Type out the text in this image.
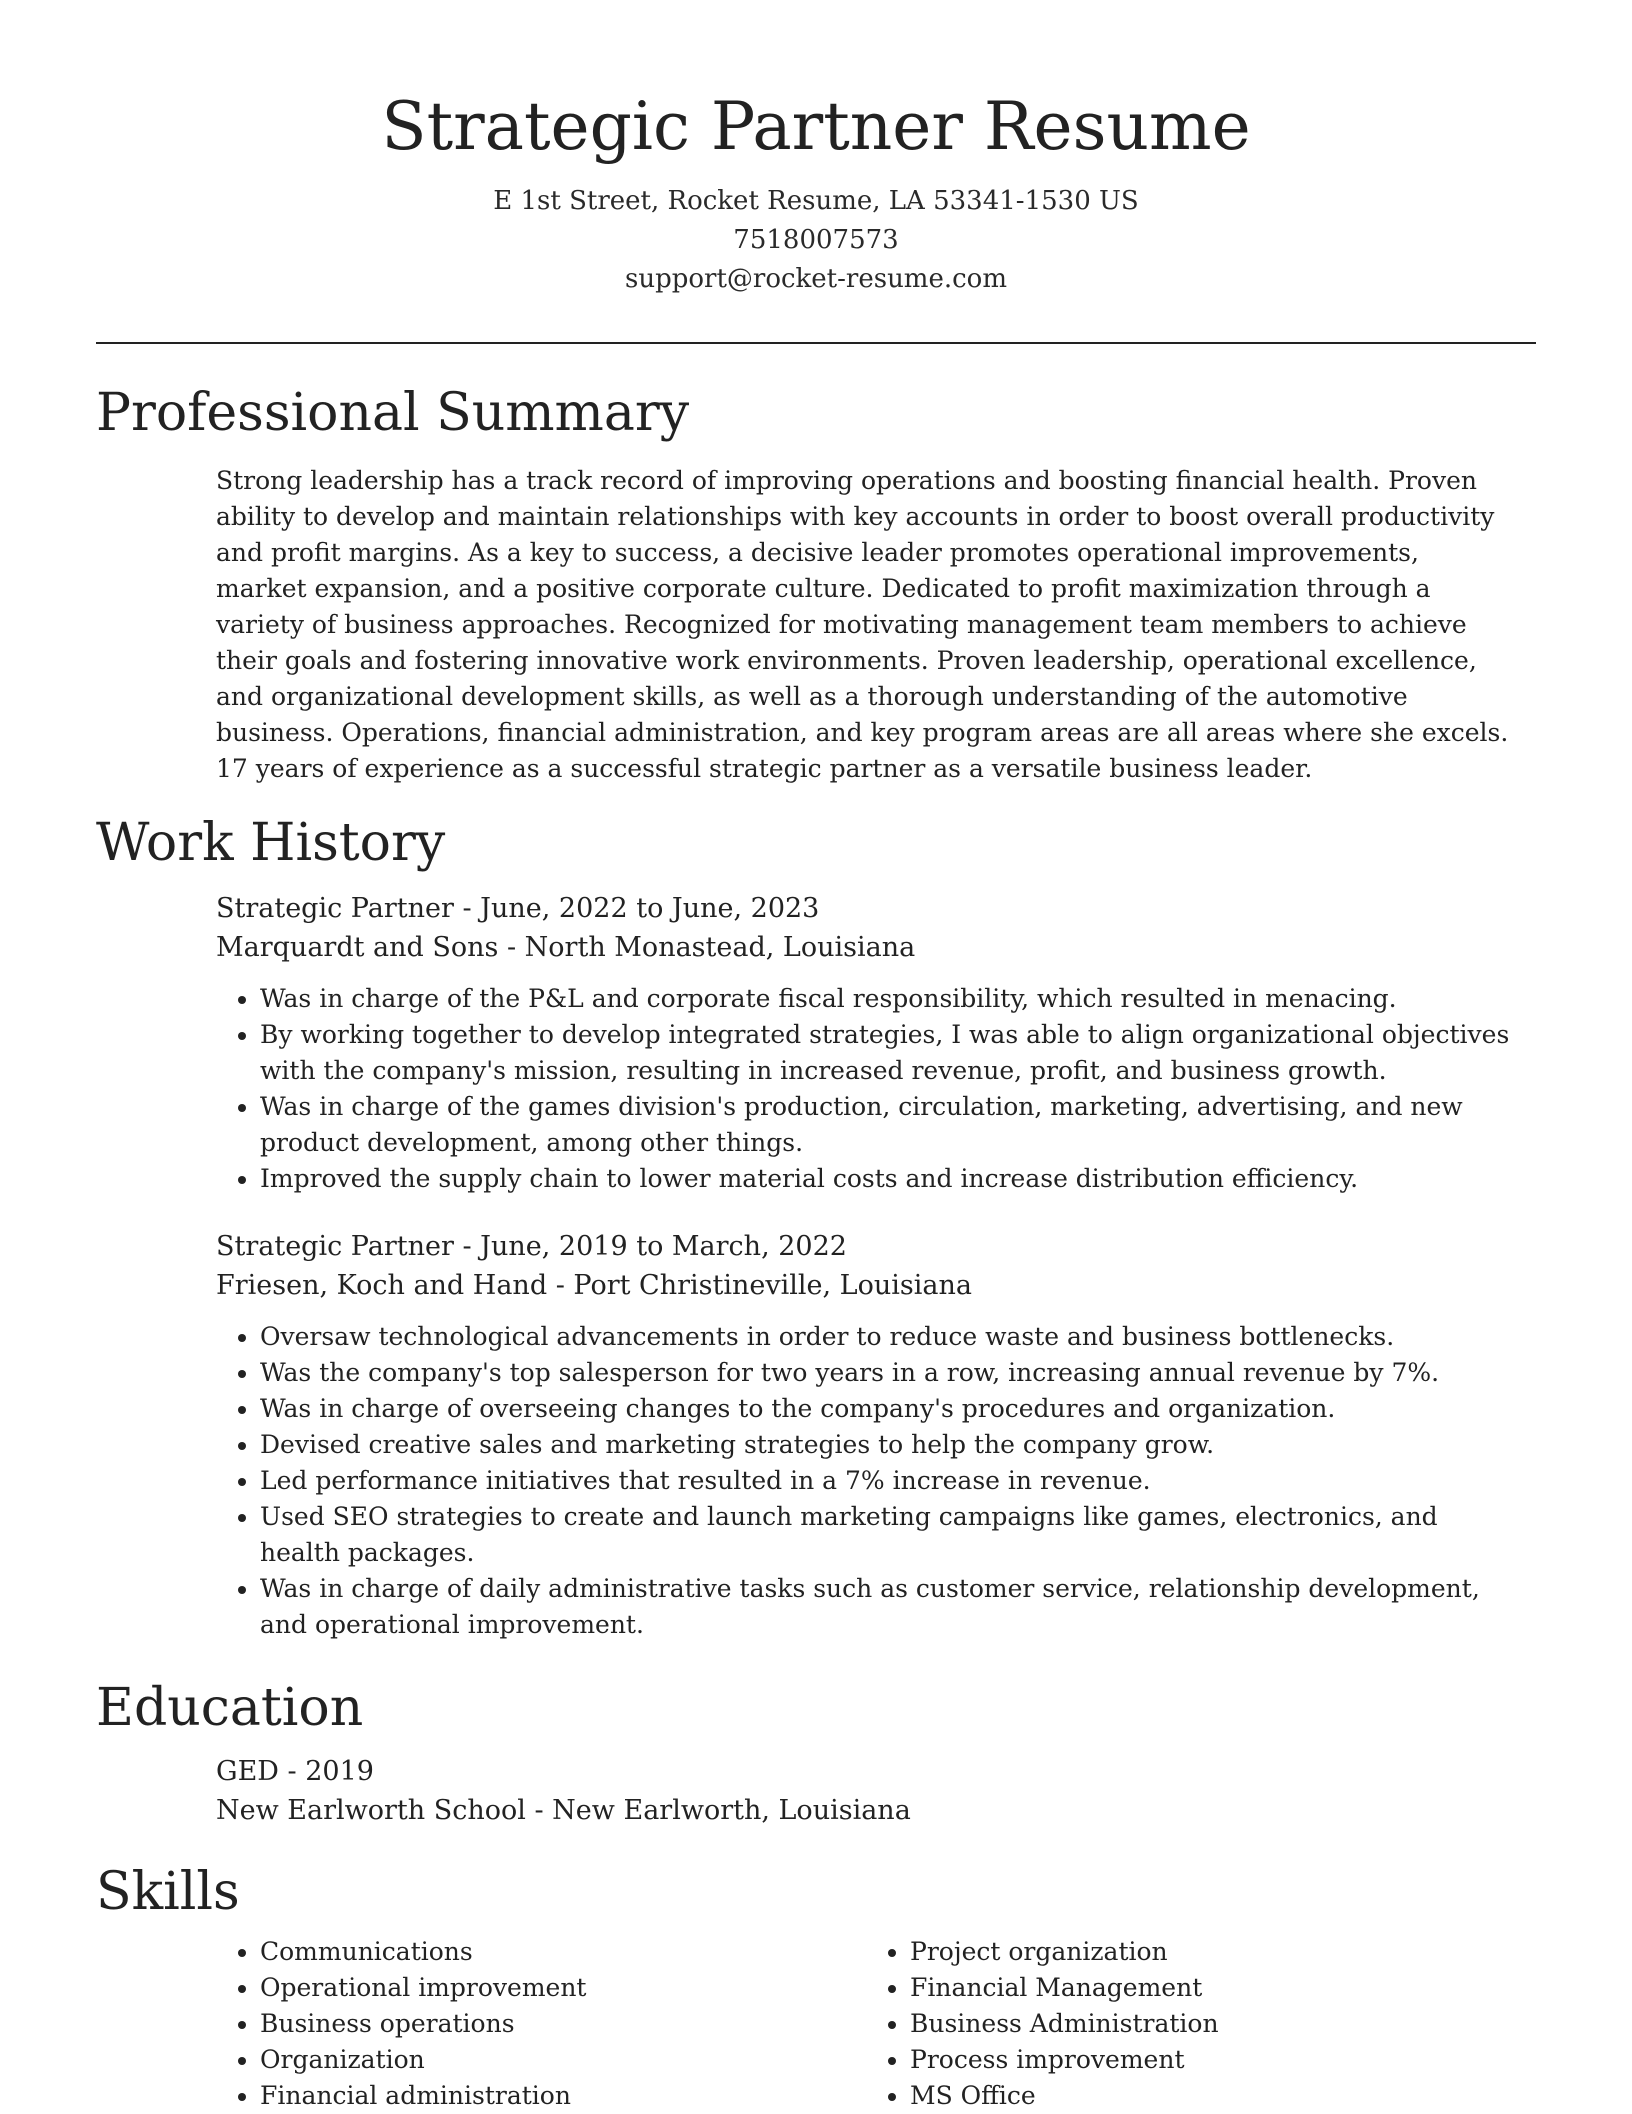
Strategic Partner Resume
E 1st Street, Rocket Resume, LA 53341-1530 US
7518007573
support@rocket-resume.com
Professional Summary
Strong leadership has a track record of improving operations and boosting financial health. Proven ability to develop and maintain relationships with key accounts in order to boost overall productivity and profit margins. As a key to success, a decisive leader promotes operational improvements, market expansion, and a positive corporate culture. Dedicated to profit maximization through a variety of business approaches. Recognized for motivating management team members to achieve their goals and fostering innovative work environments. Proven leadership, operational excellence, and organizational development skills, as well as a thorough understanding of the automotive business. Operations, financial administration, and key program areas are all areas where she excels. 17 years of experience as a successful strategic partner as a versatile business leader.
Work History
Strategic Partner - June, 2022 to June, 2023
Marquardt and Sons - North Monastead, Louisiana
• Was in charge of the P&L and corporate fiscal responsibility, which resulted in menacing.
• By working together to develop integrated strategies, I was able to align organizational objectives with the company's mission, resulting in increased revenue, profit, and business growth.
• Was in charge of the games division's production, circulation, marketing, advertising, and new product development, among other things.
• Improved the supply chain to lower material costs and increase distribution efficiency.
Strategic Partner - June, 2019 to March, 2022
Friesen, Koch and Hand - Port Christineville, Louisiana
• Oversaw technological advancements in order to reduce waste and business bottlenecks.
• Was the company's top salesperson for two years in a row, increasing annual revenue by 7%.
• Was in charge of overseeing changes to the company's procedures and organization.
• Devised creative sales and marketing strategies to help the company grow.
• Led performance initiatives that resulted in a 7% increase in revenue.
• Used SEO strategies to create and launch marketing campaigns like games, electronics, and health packages.
• Was in charge of daily administrative tasks such as customer service, relationship development, and operational improvement.
Education
GED - 2019
New Earlworth School - New Earlworth, Louisiana
Skills
• Communications
• Operational improvement
• Business operations
• Organization
• Financial administration
• Project organization
• Financial Management
• Business Administration
• Process improvement
• MS Office
